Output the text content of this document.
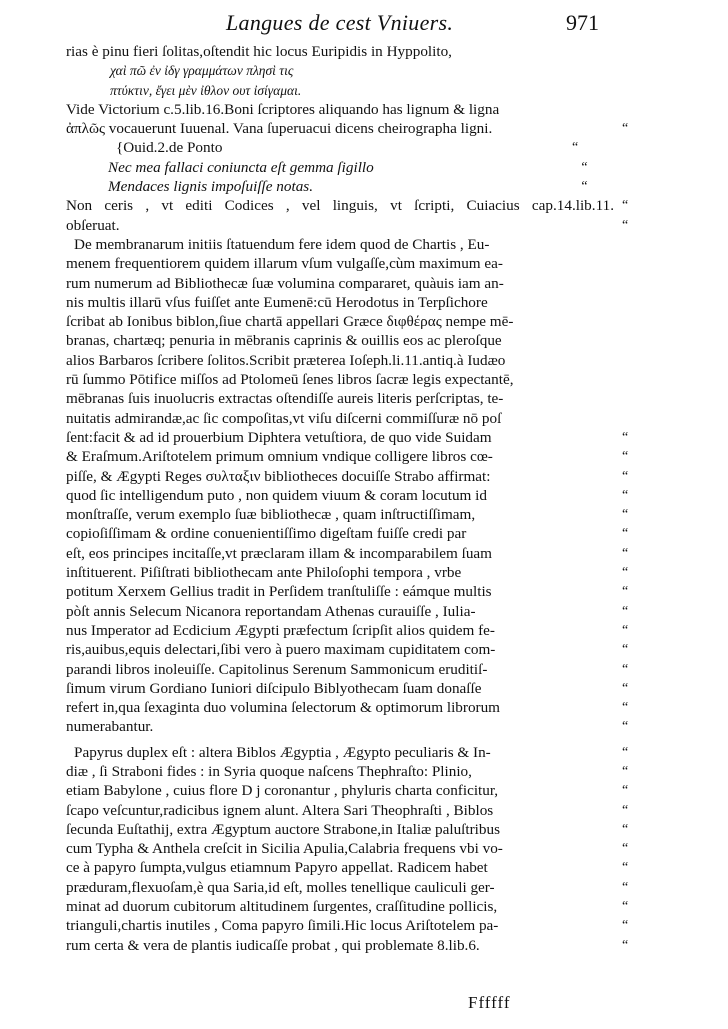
Langues de cest Vniuers.	971
rias è pinu fieri ſolitas,oſtendit hic locus Euripidis in Hyppolito,
χαὶ πῶ ἐν ἰδγ γραμμάτων πλησὶ τις
πτύκτιν, ἔγει μὲν ἰθλον ουτ ἰσίγαμαι.
Vide Victorium c.5.lib.16.Boni ſcriptores aliquando has lignum & ligna
ἀπλῶς vocauerunt Iuuenal. Vana ſuperuacui dicens cheirographa ligni.	“
{Ouid.2.de Ponto	“
Nec mea fallaci coniuncta eſt gemma ſigillo	“
Mendaces lignis impoſuiſſe notas.	“
Non ceris , vt editi Codices , vel linguis, vt ſcripti, Cuiacius cap.14.lib.11. “
obſeruat.	“
De membranarum initiis ſtatuendum fere idem quod de Chartis , Eu-
menem frequentiorem quidem illarum vſum vulgaſſe,cùm maximum ea-
rum numerum ad Bibliothecæ ſuæ volumina compararet, quàuis iam an-
nis multis illarū vſus fuiſſet ante Eumenē:cū Herodotus in Terpſichore
ſcribat ab Ionibus biblon,ſiue chartā appellari Græce διφθέρας nempe mē-
branas, chartæq; penuria in mēbranis caprinis & ouillis eos ac pleroſque
alios Barbaros ſcribere ſolitos.Scribit præterea Ioſeph.li.11.antiq.à Iudæo
rū ſummo Pōtifice miſſos ad Ptolomeū ſenes libros ſacræ legis expectantē,
mēbranas ſuis inuolucris extractas oſtendiſſe aureis literis perſcriptas, te-
nuitatis admirandæ,ac ſic compoſitas,vt viſu diſcerni commiſſuræ nō poſ
ſent:facit & ad id prouerbium Diphtera vetuſtiora, de quo vide Suidam	“
& Eraſmum.Ariſtotelem primum omnium vndique colligere libros cœ-	“
piſſe, & Ægypti Reges συλταξιν bibliotheces docuiſſe Strabo affirmat:	“
quod ſic intelligendum puto , non quidem viuum & coram locutum id	“
monſtraſſe, verum exemplo ſuæ bibliothecæ , quam inſtructiſſimam,	“
copioſiſſimam & ordine conuenientiſſimo digeſtam fuiſſe credi par	“
eſt, eos principes incitaſſe,vt præclaram illam & incomparabilem ſuam	“
inſtituerent. Piſiſtrati bibliothecam ante Philoſophi tempora , vrbe	“
potitum Xerxem Gellius tradit in Perſidem tranſtuliſſe : eámque multis	“
pòſt annis Selecum Nicanora reportandam Athenas curauiſſe , Iulia-	“
nus Imperator ad Ecdicium Ægypti præfectum ſcripſit alios quidem fe-	“
ris,auibus,equis delectari,ſibi vero à puero maximam cupiditatem com-	“
parandi libros inoleuiſſe. Capitolinus Serenum Sammonicum eruditiſ-	“
ſimum virum Gordiano Iuniori diſcipulo Biblyothecam ſuam donaſſe	“
refert in,qua ſexaginta duo volumina ſelectorum & optimorum librorum	“
numerabantur.	“
Papyrus duplex eſt : altera Biblos Ægyptia , Ægypto peculiaris & In-	“
diæ , ſi Straboni fides : in Syria quoque naſcens Thephraſto: Plinio,	“
etiam Babylone , cuius flore D j coronantur , phyluris charta conficitur,	“
ſcapo veſcuntur,radicibus ignem alunt. Altera Sari Theophraſti , Biblos	“
ſecunda Euſtathij, extra Ægyptum auctore Strabone,in Italiæ paluſtribus	“
cum Typha & Anthela creſcit in Sicilia Apulia,Calabria frequens vbi vo-	“
ce à papyro ſumpta,vulgus etiamnum Papyro appellat. Radicem habet	“
præduram,flexuoſam,è qua Saria,id eſt, molles tenellique cauliculi ger-	“
minat ad duorum cubitorum altitudinem ſurgentes, craſſitudine pollicis,	“
trianguli,chartis inutiles , Coma papyro ſimili.Hic locus Ariſtotelem pa-	“
rum certa & vera de plantis iudicaſſe probat , qui problemate 8.lib.6.	“
Ffffff
